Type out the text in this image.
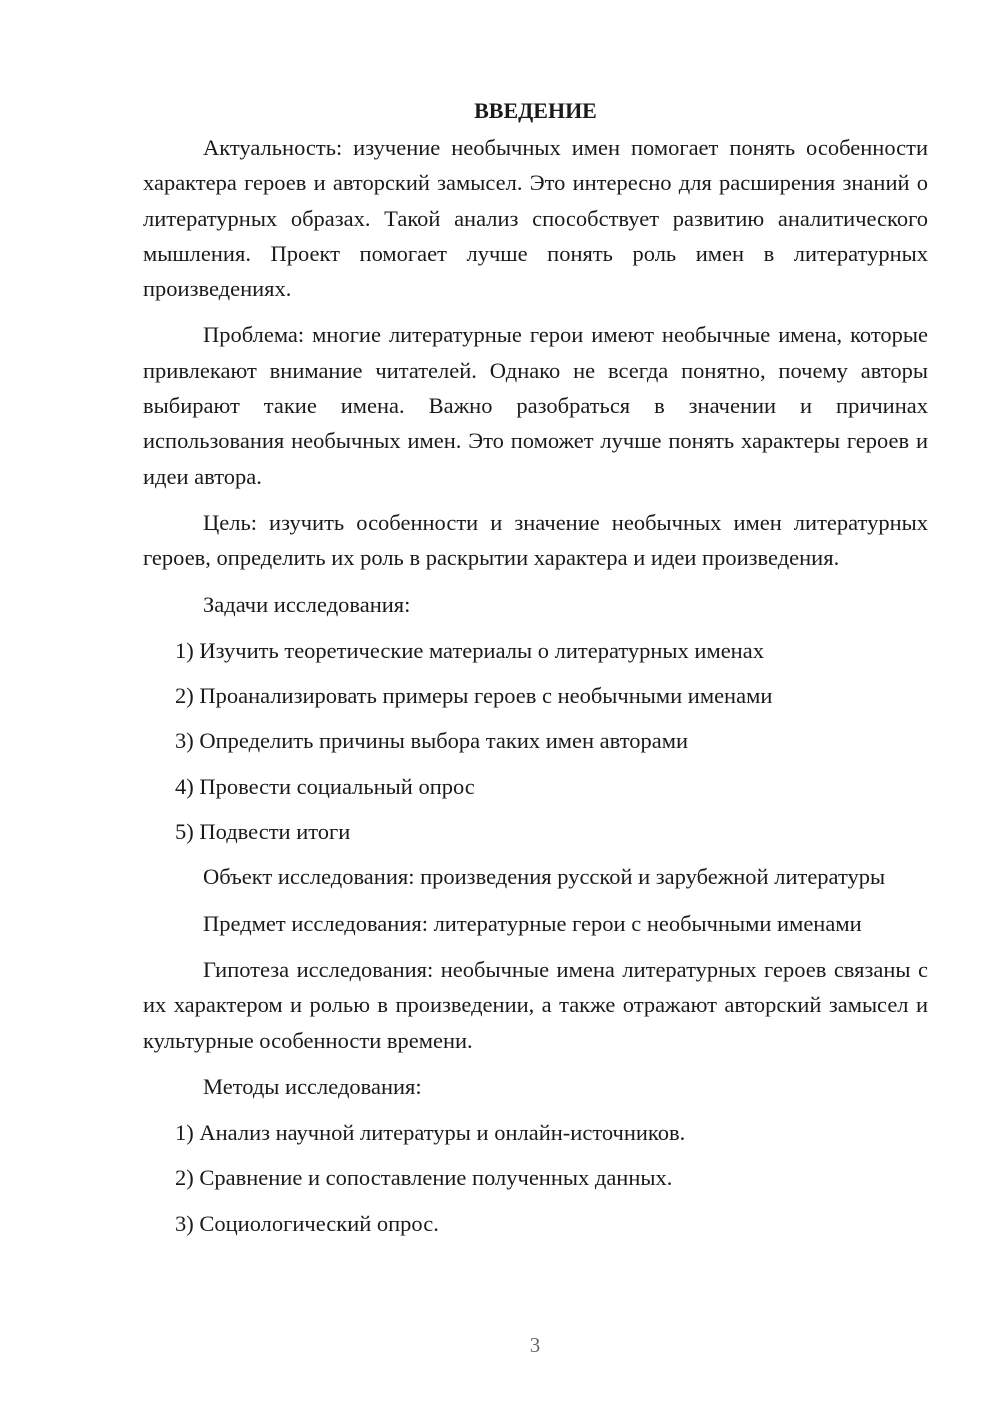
ВВЕДЕНИЕ

Актуальность: изучение необычных имен помогает понять особенности характера героев и авторский замысел. Это интересно для расширения знаний о литературных образах. Такой анализ способствует развитию аналитического мышления. Проект помогает лучше понять роль имен в литературных произведениях.

Проблема: многие литературные герои имеют необычные имена, которые привлекают внимание читателей. Однако не всегда понятно, почему авторы выбирают такие имена. Важно разобраться в значении и причинах использования необычных имен. Это поможет лучше понять характеры героев и идеи автора.

Цель: изучить особенности и значение необычных имен литературных героев, определить их роль в раскрытии характера и идеи произведения.

Задачи исследования:

1) Изучить теоретические материалы о литературных именах
2) Проанализировать примеры героев с необычными именами
3) Определить причины выбора таких имен авторами
4) Провести социальный опрос
5) Подвести итоги

Объект исследования: произведения русской и зарубежной литературы

Предмет исследования: литературные герои с необычными именами

Гипотеза исследования: необычные имена литературных героев связаны с их характером и ролью в произведении, а также отражают авторский замысел и культурные особенности времени.

Методы исследования:

1) Анализ научной литературы и онлайн-источников.
2) Сравнение и сопоставление полученных данных.
3) Социологический опрос.
3
